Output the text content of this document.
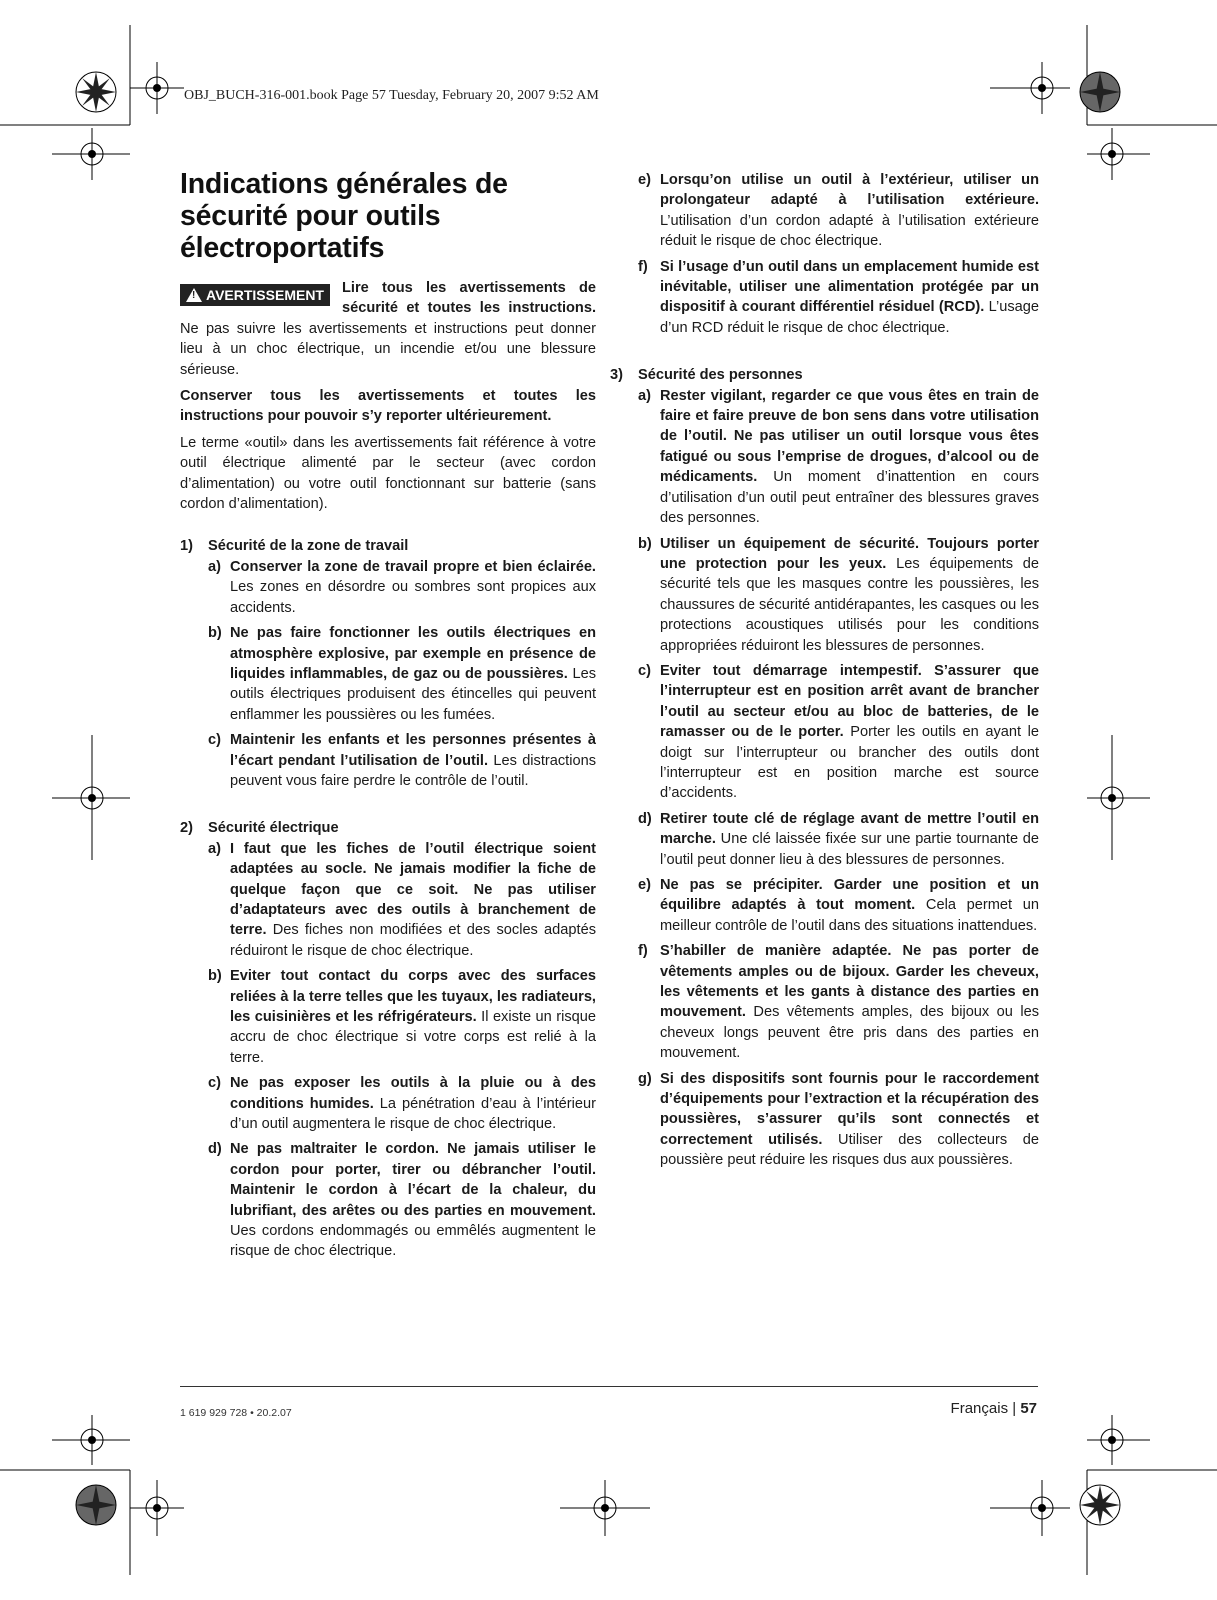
OBJ_BUCH-316-001.book Page 57 Tuesday, February 20, 2007 9:52 AM
Indications générales de sécurité pour outils électroportatifs

! AVERTISSEMENT Lire tous les avertissements de sécurité et toutes les instructions. Ne pas suivre les avertissements et instructions peut donner lieu à un choc électrique, un incendie et/ou une blessure sérieuse.

Conserver tous les avertissements et toutes les instructions pour pouvoir s’y reporter ultérieurement.

Le terme «outil» dans les avertissements fait référence à votre outil électrique alimenté par le secteur (avec cordon d’alimentation) ou votre outil fonctionnant sur batterie (sans cordon d’alimentation).

1)	Sécurité de la zone de travail
a) Conserver la zone de travail propre et bien éclairée. Les zones en désordre ou sombres sont propices aux accidents.

b) Ne pas faire fonctionner les outils électriques en atmosphère explosive, par exemple en présence de liquides inflammables, de gaz ou de poussières. Les outils électriques produisent des étincelles qui peuvent enflammer les poussières ou les fumées.

c) Maintenir les enfants et les personnes présentes à l’écart pendant l’utilisation de l’outil. Les distractions peuvent vous faire perdre le contrôle de l’outil.

2)	Sécurité électrique
a) I faut que les fiches de l’outil électrique soient adaptées au socle. Ne jamais modifier la fiche de quelque façon que ce soit. Ne pas utiliser d’adaptateurs avec des outils à branchement de terre. Des fiches non modifiées et des socles adaptés réduiront le risque de choc électrique.

b) Eviter tout contact du corps avec des surfaces reliées à la terre telles que les tuyaux, les radiateurs, les cuisinières et les réfrigérateurs. Il existe un risque accru de choc électrique si votre corps est relié à la terre.

c) Ne pas exposer les outils à la pluie ou à des conditions humides. La pénétration d’eau à l’intérieur d’un outil augmentera le risque de choc électrique.

d) Ne pas maltraiter le cordon. Ne jamais utiliser le cordon pour porter, tirer ou débrancher l’outil. Maintenir le cordon à l’écart de la chaleur, du lubrifiant, des arêtes ou des parties en mouvement. Ues cordons endommagés ou emmêlés augmentent le risque de choc électrique.

e) Lorsqu’on utilise un outil à l’extérieur, utiliser un prolongateur adapté à l’utilisation extérieure. L’utilisation d’un cordon adapté à l’utilisation extérieure réduit le risque de choc électrique.

f) Si l’usage d’un outil dans un emplacement humide est inévitable, utiliser une alimentation protégée par un dispositif à courant différentiel résiduel (RCD). L’usage d’un RCD réduit le risque de choc électrique.

3)	Sécurité des personnes
a) Rester vigilant, regarder ce que vous êtes en train de faire et faire preuve de bon sens dans votre utilisation de l’outil. Ne pas utiliser un outil lorsque vous êtes fatigué ou sous l’emprise de drogues, d’alcool ou de médicaments. Un moment d’inattention en cours d’utilisation d’un outil peut entraîner des blessures graves des personnes.

b) Utiliser un équipement de sécurité. Toujours porter une protection pour les yeux. Les équipements de sécurité tels que les masques contre les poussières, les chaussures de sécurité antidérapantes, les casques ou les protections acoustiques utilisés pour les conditions appropriées réduiront les blessures de personnes.

c) Eviter tout démarrage intempestif. S’assurer que l’interrupteur est en position arrêt avant de brancher l’outil au secteur et/ou au bloc de batteries, de le ramasser ou de le porter. Porter les outils en ayant le doigt sur l’interrupteur ou brancher des outils dont l’interrupteur est en position marche est source d’accidents.

d) Retirer toute clé de réglage avant de mettre l’outil en marche. Une clé laissée fixée sur une partie tournante de l’outil peut donner lieu à des blessures de personnes.

e) Ne pas se précipiter. Garder une position et un équilibre adaptés à tout moment. Cela permet un meilleur contrôle de l’outil dans des situations inattendues.

f) S’habiller de manière adaptée. Ne pas porter de vêtements amples ou de bijoux. Garder les cheveux, les vêtements et les gants à distance des parties en mouvement. Des vêtements amples, des bijoux ou les cheveux longs peuvent être pris dans des parties en mouvement.

g) Si des dispositifs sont fournis pour le raccordement d’équipements pour l’extraction et la récupération des poussières, s’assurer qu’ils sont connectés et correctement utilisés. Utiliser des collecteurs de poussière peut réduire les risques dus aux poussières.

1 619 929 728 • 20.2.07	Français | 57
